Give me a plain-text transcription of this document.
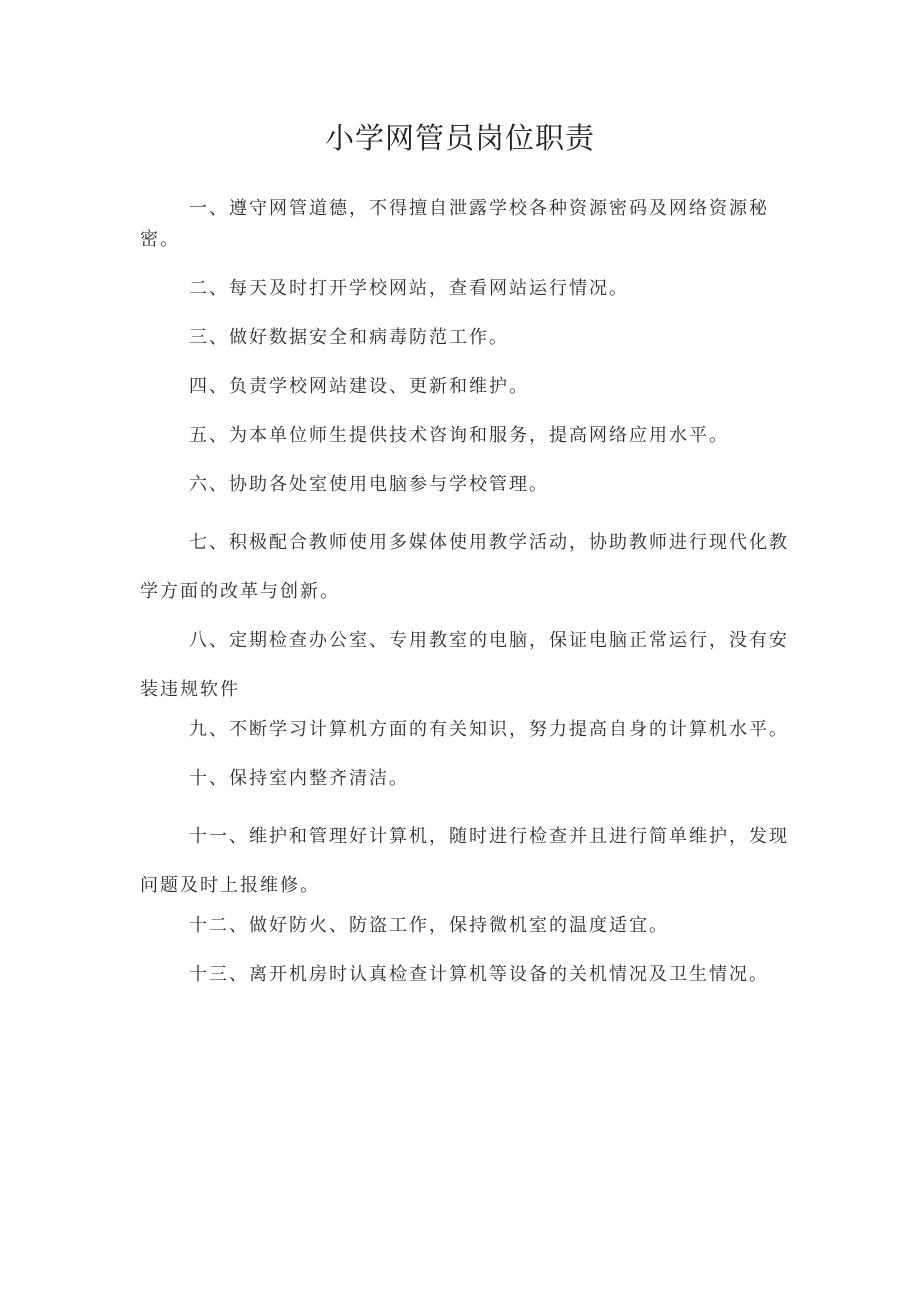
小学网管员岗位职责

一、遵守网管道德，不得擅自泄露学校各种资源密码及网络资源秘密。

二、每天及时打开学校网站，查看网站运行情况。

三、做好数据安全和病毒防范工作。

四、负责学校网站建设、更新和维护。

五、为本单位师生提供技术咨询和服务，提高网络应用水平。

六、协助各处室使用电脑参与学校管理。

七、积极配合教师使用多媒体使用教学活动，协助教师进行现代化教学方面的改革与创新。

八、定期检查办公室、专用教室的电脑，保证电脑正常运行，没有安装违规软件

九、不断学习计算机方面的有关知识，努力提高自身的计算机水平。

十、保持室内整齐清洁。

十一、维护和管理好计算机，随时进行检查并且进行简单维护，发现问题及时上报维修。

十二、做好防火、防盗工作，保持微机室的温度适宜。

十三、离开机房时认真检查计算机等设备的关机情况及卫生情况。
